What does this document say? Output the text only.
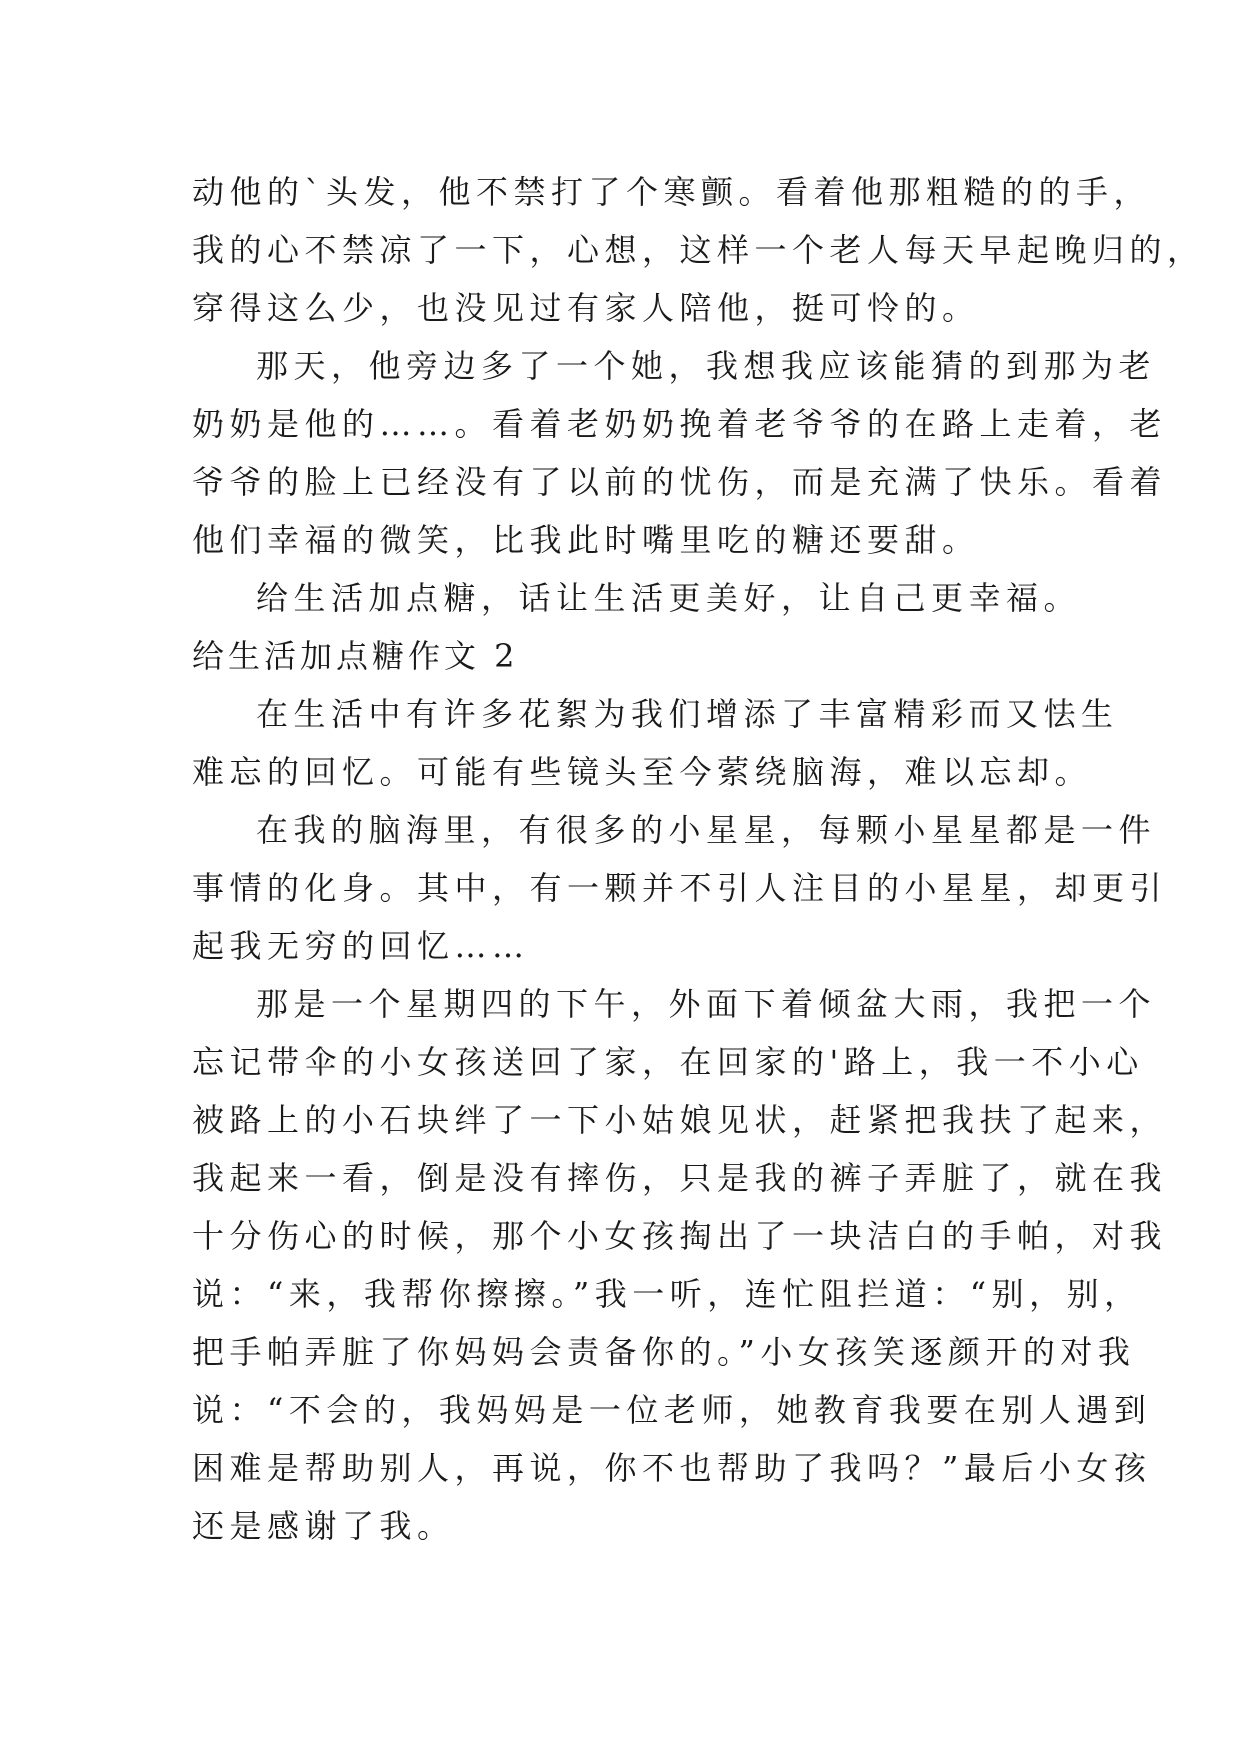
动他的`头发，他不禁打了个寒颤。看着他那粗糙的的手，
我的心不禁凉了一下，心想，这样一个老人每天早起晚归的，
穿得这么少，也没见过有家人陪他，挺可怜的。
那天，他旁边多了一个她，我想我应该能猜的到那为老
奶奶是他的……。看着老奶奶挽着老爷爷的在路上走着，老
爷爷的脸上已经没有了以前的忧伤，而是充满了快乐。看着
他们幸福的微笑，比我此时嘴里吃的糖还要甜。
给生活加点糖，话让生活更美好，让自己更幸福。
给生活加点糖作文 2
在生活中有许多花絮为我们增添了丰富精彩而又怯生
难忘的回忆。可能有些镜头至今萦绕脑海，难以忘却。
在我的脑海里，有很多的小星星，每颗小星星都是一件
事情的化身。其中，有一颗并不引人注目的小星星，却更引
起我无穷的回忆……
那是一个星期四的下午，外面下着倾盆大雨，我把一个
忘记带伞的小女孩送回了家，在回家的'路上，我一不小心
被路上的小石块绊了一下小姑娘见状，赶紧把我扶了起来，
我起来一看，倒是没有摔伤，只是我的裤子弄脏了，就在我
十分伤心的时候，那个小女孩掏出了一块洁白的手帕，对我
说：“来，我帮你擦擦。”我一听，连忙阻拦道：“别，别，
把手帕弄脏了你妈妈会责备你的。”小女孩笑逐颜开的对我
说：“不会的，我妈妈是一位老师，她教育我要在别人遇到
困难是帮助别人，再说，你不也帮助了我吗？”最后小女孩
还是感谢了我。
